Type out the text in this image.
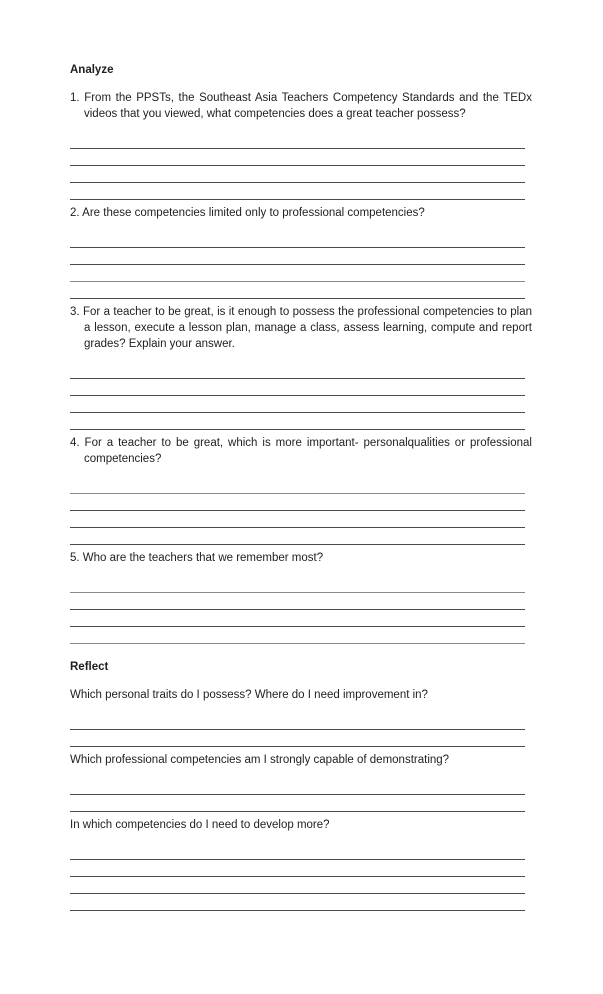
Analyze

1. From the PPSTs, the Southeast Asia Teachers Competency Standards and the TEDx videos that you viewed, what competencies does a great teacher possess?

2. Are these competencies limited only to professional competencies?

3. For a teacher to be great, is it enough to possess the professional competencies to plan a lesson, execute a lesson plan, manage a class, assess learning, compute and report grades? Explain your answer.

4. For a teacher to be great, which is more important- personalqualities or professional competencies?

5. Who are the teachers that we remember most?

Reflect

Which personal traits do I possess? Where do I need improvement in?

Which professional competencies am I strongly capable of demonstrating?

In which competencies do I need to develop more?
